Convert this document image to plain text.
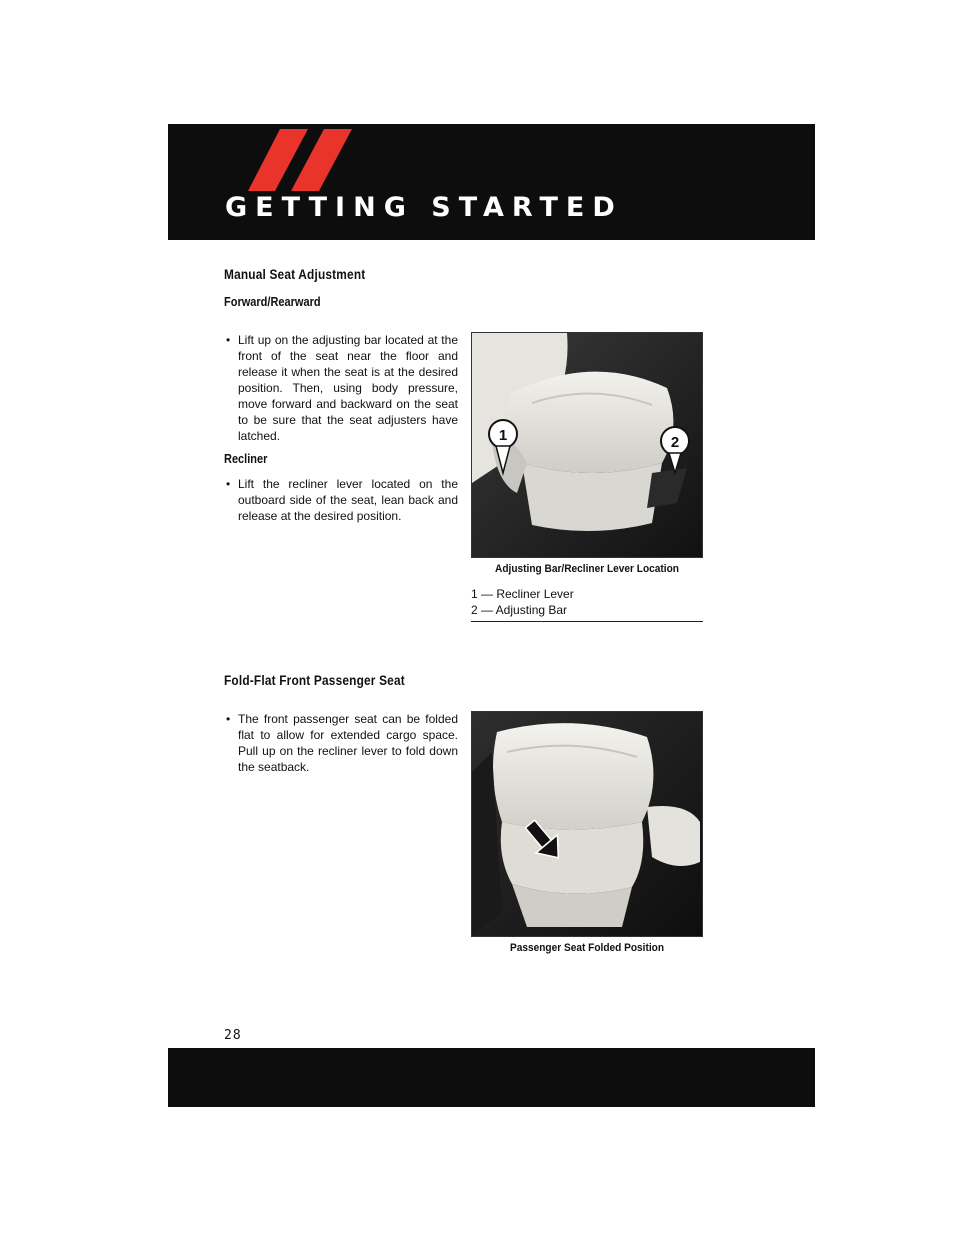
GETTING STARTED
Manual Seat Adjustment
Forward/Rearward
• Lift up on the adjusting bar located at the front of the seat near the floor and release it when the seat is at the desired position. Then, using body pressure, move forward and backward on the seat to be sure that the seat adjusters have latched.
Recliner
• Lift the recliner lever located on the outboard side of the seat, lean back and release at the desired position.
1	2

Adjusting Bar/Recliner Lever Location

1 — Recliner Lever
2 — Adjusting Bar
Fold-Flat Front Passenger Seat
• The front passenger seat can be folded flat to allow for extended cargo space. Pull up on the recliner lever to fold down the seatback.

Passenger Seat Folded Position

28
